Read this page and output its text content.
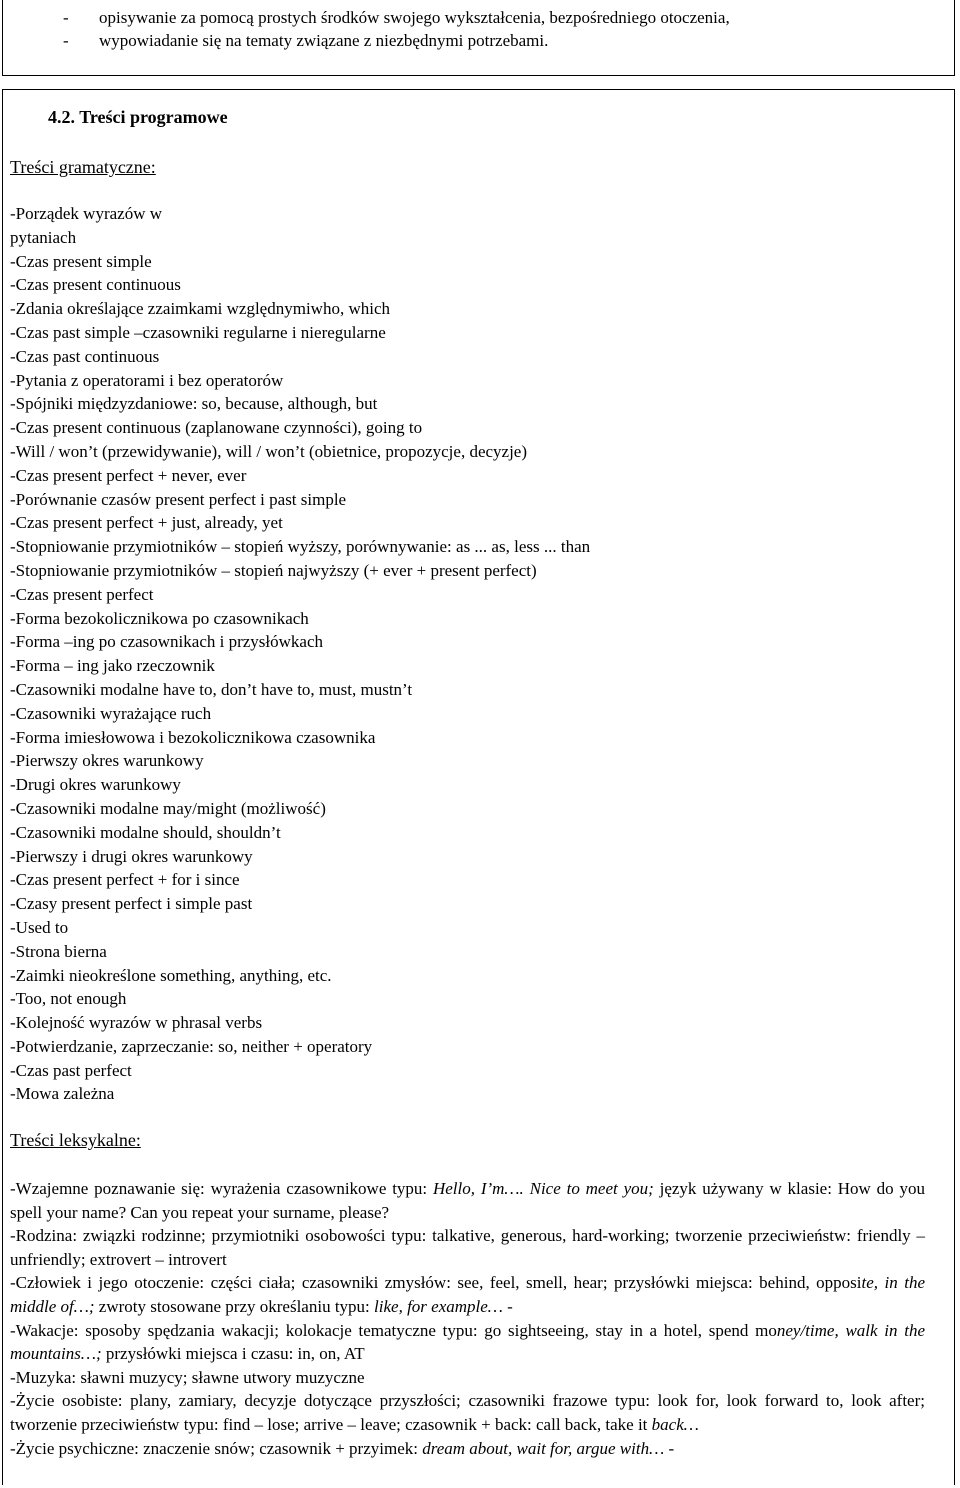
- opisywanie za pomocą prostych środków swojego wykształcenia, bezpośredniego otoczenia,
- wypowiadanie się na tematy związane z niezbędnymi potrzebami.
4.2. Treści programowe
Treści gramatyczne:
-Porządek wyrazów w
pytaniach
-Czas present simple
-Czas present continuous
-Zdania określające zzaimkami względnymiwho, which
-Czas past simple –czasowniki regularne i nieregularne
-Czas past continuous
-Pytania z operatorami i bez operatorów
-Spójniki międzyzdaniowe: so, because, although, but
-Czas present continuous (zaplanowane czynności), going to
-Will / won’t (przewidywanie), will / won’t (obietnice, propozycje, decyzje)
-Czas present perfect + never, ever
-Porównanie czasów present perfect i past simple
-Czas present perfect + just, already, yet
-Stopniowanie przymiotników – stopień wyższy, porównywanie: as ... as, less ... than
-Stopniowanie przymiotników – stopień najwyższy (+ ever + present perfect)
-Czas present perfect
-Forma bezokolicznikowa po czasownikach
-Forma –ing po czasownikach i przysłówkach
-Forma – ing jako rzeczownik
-Czasowniki modalne have to, don’t have to, must, mustn’t
-Czasowniki wyrażające ruch
-Forma imiesłowowa i bezokolicznikowa czasownika
-Pierwszy okres warunkowy
-Drugi okres warunkowy
-Czasowniki modalne may/might (możliwość)
-Czasowniki modalne should, shouldn’t
-Pierwszy i drugi okres warunkowy
-Czas present perfect + for i since
-Czasy present perfect i simple past
-Used to
-Strona bierna
-Zaimki nieokreślone something, anything, etc.
-Too, not enough
-Kolejność wyrazów w phrasal verbs
-Potwierdzanie, zaprzeczanie: so, neither + operatory
-Czas past perfect
-Mowa zależna
Treści leksykalne:
-Wzajemne poznawanie się: wyrażenia czasownikowe typu: Hello, I’m…. Nice to meet you; język używany w klasie: How do you spell your name? Can you repeat your surname, please?
-Rodzina: związki rodzinne; przymiotniki osobowości typu: talkative, generous, hard-working; tworzenie przeciwieństw: friendly – unfriendly; extrovert – introvert
-Człowiek i jego otoczenie: części ciała; czasowniki zmysłów: see, feel, smell, hear; przysłówki miejsca: behind, opposite, in the middle of…; zwroty stosowane przy określaniu typu: like, for example… -
-Wakacje: sposoby spędzania wakacji; kolokacje tematyczne typu: go sightseeing, stay in a hotel, spend money/time, walk in the mountains…; przysłówki miejsca i czasu: in, on, AT
-Muzyka: sławni muzycy; sławne utwory muzyczne
-Życie osobiste: plany, zamiary, decyzje dotyczące przyszłości; czasowniki frazowe typu: look for, look forward to, look after; tworzenie przeciwieństw typu: find – lose; arrive – leave; czasownik + back: call back, take it back…
-Życie psychiczne: znaczenie snów; czasownik + przyimek: dream about, wait for, argue with… -
